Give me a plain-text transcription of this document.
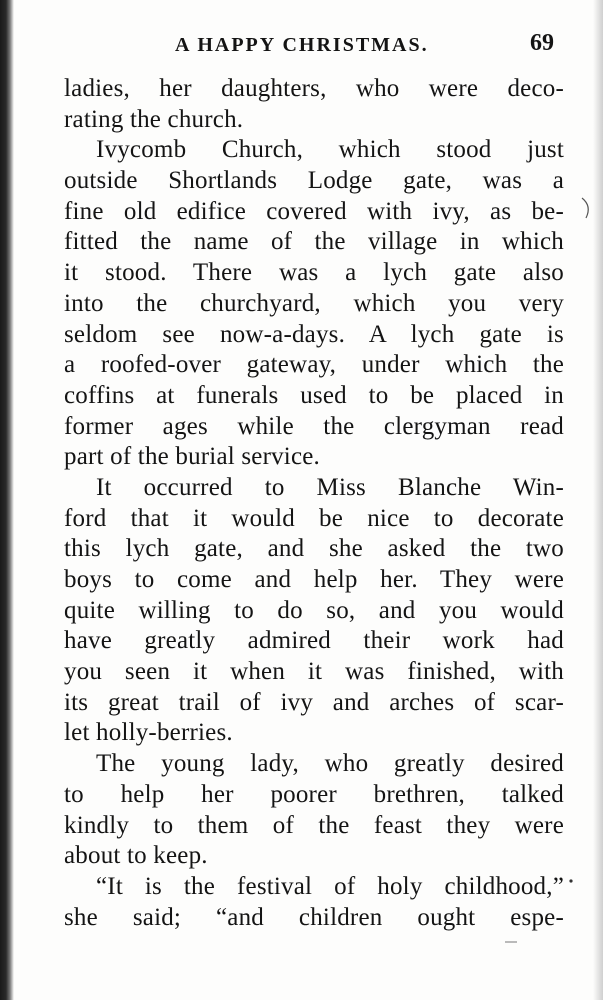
A HAPPY CHRISTMAS.	69
ladies, her daughters, who were deco-
rating the church.
Ivycomb Church, which stood just
outside Shortlands Lodge gate, was a
fine old edifice covered with ivy, as be-
fitted the name of the village in which
it stood. There was a lych gate also
into the churchyard, which you very
seldom see now-a-days. A lych gate is
a roofed-over gateway, under which the
coffins at funerals used to be placed in
former ages while the clergyman read
part of the burial service.
It occurred to Miss Blanche Win-
ford that it would be nice to decorate
this lych gate, and she asked the two
boys to come and help her. They were
quite willing to do so, and you would
have greatly admired their work had
you seen it when it was finished, with
its great trail of ivy and arches of scar-
let holly-berries.
The young lady, who greatly desired
to help her poorer brethren, talked
kindly to them of the feast they were
about to keep.
“It is the festival of holy childhood,”
she said; “and children ought espe-
